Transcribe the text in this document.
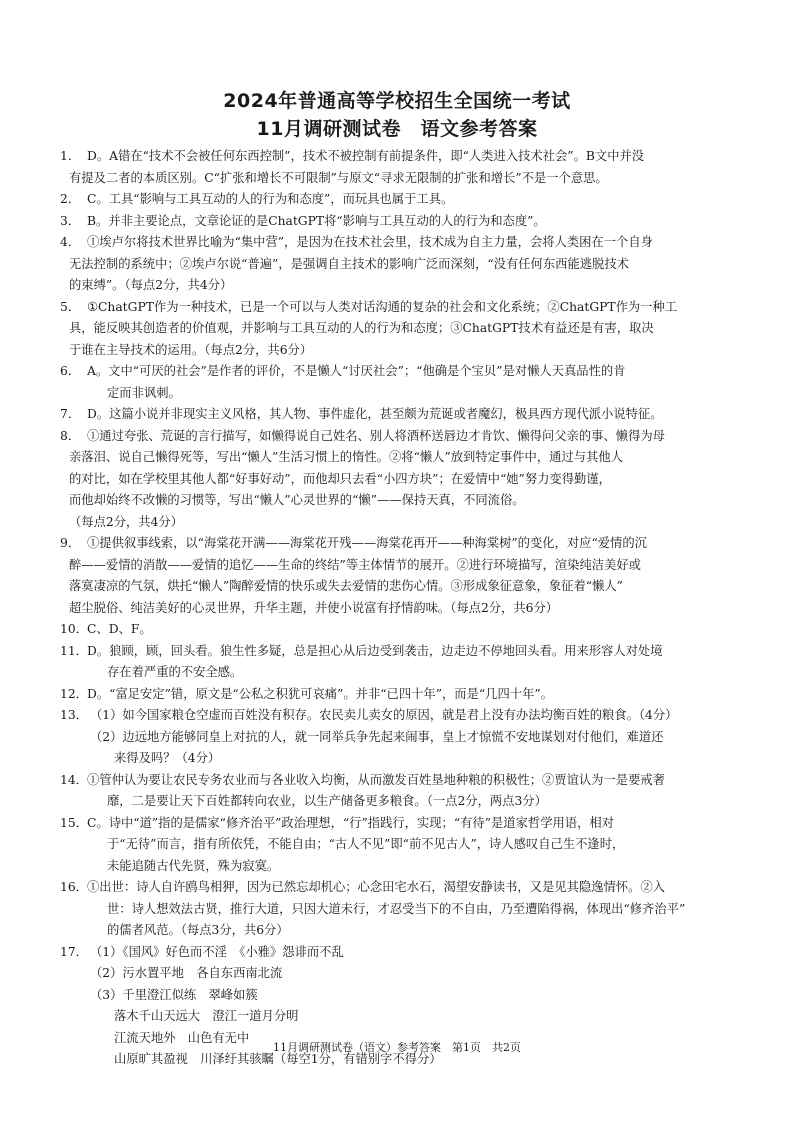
2024年普通高等学校招生全国统一考试
11月调研测试卷　语文参考答案
1． D。A错在“技术不会被任何东西控制”，技术不被控制有前提条件，即“人类进入技术社会”。B文中并没
有提及二者的本质区别。C“扩张和增长不可限制”与原文“寻求无限制的扩张和增长”不是一个意思。
2． C。工具“影响与工具互动的人的行为和态度”，而玩具也属于工具。
3． B。并非主要论点，文章论证的是ChatGPT将“影响与工具互动的人的行为和态度”。
4． ①埃卢尔将技术世界比喻为“集中营”，是因为在技术社会里，技术成为自主力量，会将人类困在一个自身
无法控制的系统中；②埃卢尔说“普遍”，是强调自主技术的影响广泛而深刻，“没有任何东西能逃脱技术
的束缚”。（每点2分，共4分）
5． ①ChatGPT作为一种技术，已是一个可以与人类对话沟通的复杂的社会和文化系统；②ChatGPT作为一种工
具，能反映其创造者的价值观，并影响与工具互动的人的行为和态度；③ChatGPT技术有益还是有害，取决
于谁在主导技术的运用。（每点2分，共6分）
6． A。文中“可厌的社会”是作者的评价，不是懒人“讨厌社会”；“他确是个宝贝”是对懒人天真品性的肯
定而非讽刺。
7． D。这篇小说并非现实主义风格，其人物、事件虚化，甚至颇为荒诞或者魔幻，极具西方现代派小说特征。
8． ①通过夸张、荒诞的言行描写，如懒得说自己姓名、别人将酒杯送唇边才肯饮、懒得问父亲的事、懒得为母
亲落泪、说自己懒得死等，写出“懒人”生活习惯上的惰性。②将“懒人”放到特定事件中，通过与其他人
的对比，如在学校里其他人都“好事好动”，而他却只去看“小四方块”；在爱情中“她”努力变得勤谨，
而他却始终不改懒的习惯等，写出“懒人”心灵世界的“懒”——保持天真，不同流俗。
（每点2分，共4分）
9． ①提供叙事线索，以“海棠花开满——海棠花开残——海棠花再开——种海棠树”的变化，对应“爱情的沉
醉——爱情的消散——爱情的追忆——生命的终结”等主体情节的展开。②进行环境描写，渲染纯洁美好或
落寞凄凉的气氛，烘托“懒人”陶醉爱情的快乐或失去爱情的悲伤心情。③形成象征意象，象征着“懒人”
超尘脱俗、纯洁美好的心灵世界，升华主题，并使小说富有抒情韵味。（每点2分，共6分）
10． C、D、F。
11． D。狼顾，顾，回头看。狼生性多疑，总是担心从后边受到袭击，边走边不停地回头看。用来形容人对处境
存在着严重的不安全感。
12． D。“富足安定”错，原文是“公私之积犹可哀痛”。并非“已四十年”，而是“几四十年”。
13． （1）如今国家粮仓空虚而百姓没有积存。农民卖儿卖女的原因，就是君上没有办法均衡百姓的粮食。（4分）
（2）边远地方能够同皇上对抗的人，就一同举兵争先起来闹事，皇上才惊慌不安地谋划对付他们，难道还
来得及吗？（4分）
14． ①管仲认为要让农民专务农业而与各业收入均衡，从而激发百姓垦地种粮的积极性；②贾谊认为一是要戒奢
靡，二是要让天下百姓都转向农业，以生产储备更多粮食。（一点2分，两点3分）
15． C。诗中“道”指的是儒家“修齐治平”政治理想，“行”指践行，实现；“有待”是道家哲学用语，相对
于“无待”而言，指有所依凭，不能自由；“古人不见”即“前不见古人”，诗人感叹自己生不逢时，
未能追随古代先贤，殊为寂寞。
16． ①出世：诗人自许鸥鸟相狎，因为已然忘却机心；心念田宅水石，渴望安静读书，又是见其隐逸情怀。②入
世：诗人想效法古贤，推行大道，只因大道未行，才忍受当下的不自由，乃至遭陷得祸，体现出“修齐治平”
的儒者风范。（每点3分，共6分）
17． （1）《国风》好色而不淫　《小雅》怨诽而不乱
（2）污水置平地　各自东西南北流
（3）千里澄江似练　翠峰如簇
落木千山天远大　澄江一道月分明
江流天地外　山色有无中
山原旷其盈视　川泽纡其骇瞩（每空1分，有错别字不得分）
11月调研测试卷（语文）参考答案　第1页　共2页
